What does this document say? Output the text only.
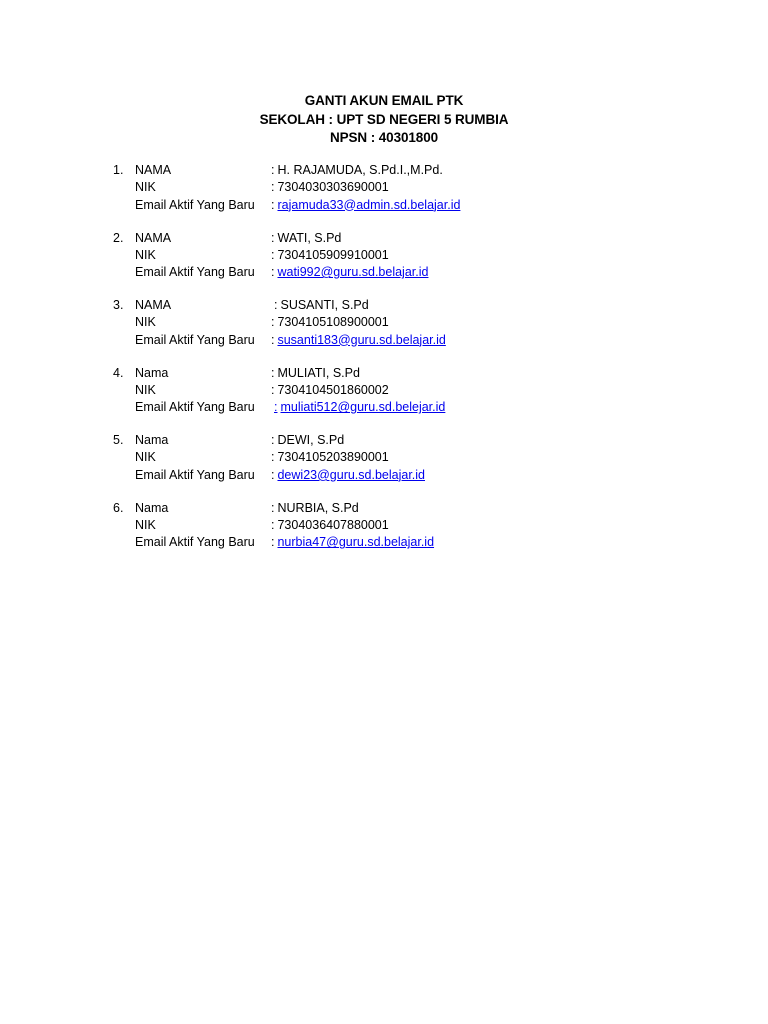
GANTI AKUN EMAIL PTK
SEKOLAH : UPT SD NEGERI 5 RUMBIA
NPSN : 40301800
1. NAMA	: H. RAJAMUDA, S.Pd.I.,M.Pd.
NIK	: 7304030303690001
Email Aktif Yang Baru : rajamuda33@admin.sd.belajar.id
2. NAMA	: WATI, S.Pd
NIK	: 7304105909910001
Email Aktif Yang Baru : wati992@guru.sd.belajar.id
3. NAMA	: SUSANTI, S.Pd
NIK	: 7304105108900001
Email Aktif Yang Baru : susanti183@guru.sd.belajar.id
4. Nama	: MULIATI, S.Pd
NIK	: 7304104501860002
Email Aktif Yang Baru : muliati512@guru.sd.belejar.id
5. Nama	: DEWI, S.Pd
NIK	: 7304105203890001
Email Aktif Yang Baru : dewi23@guru.sd.belajar.id
6. Nama	: NURBIA, S.Pd
NIK	: 7304036407880001
Email Aktif Yang Baru : nurbia47@guru.sd.belajar.id
